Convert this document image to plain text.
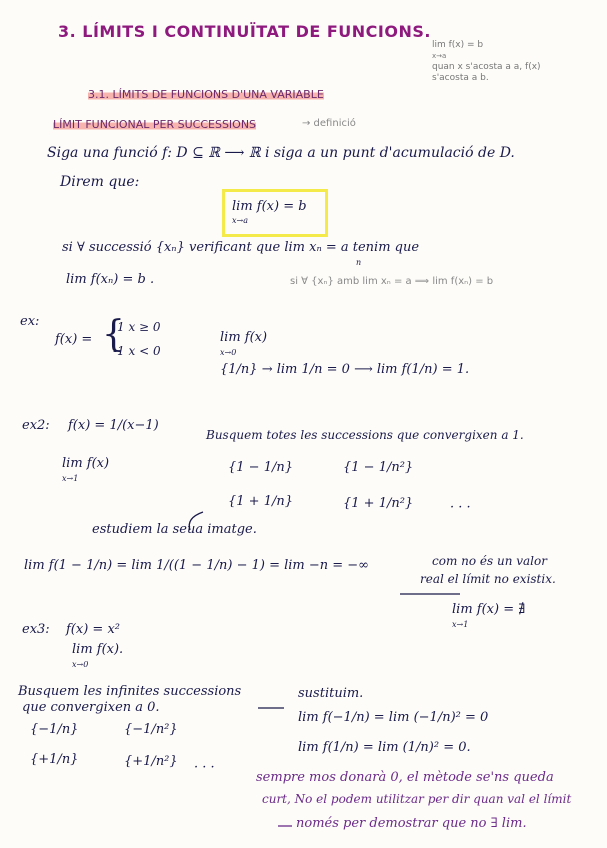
3. LÍMITS I CONTINUÏTAT DE FUNCIONS.
lim f(x) = b
x→a
quan x s'acosta a a, f(x)
s'acosta a b.
3.1. LÍMITS DE FUNCIONS D'UNA VARIABLE
LÍMIT FUNCIONAL PER SUCCESSIONS	→ definició
Siga una funció f: D ⊆ ℝ ⟶ ℝ i siga a un punt d'acumulació de D.
Direm que:
lim f(x) = b
x→a
si ∀ successió {xₙ} verificant que lim xₙ = a tenim que
n
lim f(xₙ) = b .	si ∀ {xₙ} amb lim xₙ = a ⟹ lim f(xₙ) = b
ex:
f(x) = {
1 x ≥ 0
-1 x < 0
lim f(x)
x→0
{1/n} → lim 1/n = 0 ⟶ lim f(1/n) = 1.
ex2: f(x) = 1/(x−1)
Busquem totes les successions que convergixen a 1.
lim f(x)
x→1
{1 − 1/n}	{1 − 1/n²}
{1 + 1/n}	{1 + 1/n²}	· · ·
estudiem la seua imatge.
lim f(1 − 1/n) = lim 1/((1 − 1/n) − 1) = lim −n = −∞	com no és un valor
real el límit no existix.
lim f(x) = ∄
x→1
ex3: f(x) = x²
lim f(x).
x→0
Busquem les infinites successions
que convergixen a 0.
{−1/n}	{−1/n²}
{+1/n}	{+1/n²} · · ·
sustituim.
lim f(−1/n) = lim (−1/n)² = 0
lim f(1/n) = lim (1/n)² = 0.
sempre mos donarà 0, el mètode se'ns queda
curt, No el podem utilitzar per dir quan val el límit
només per demostrar que no ∃ lim.
